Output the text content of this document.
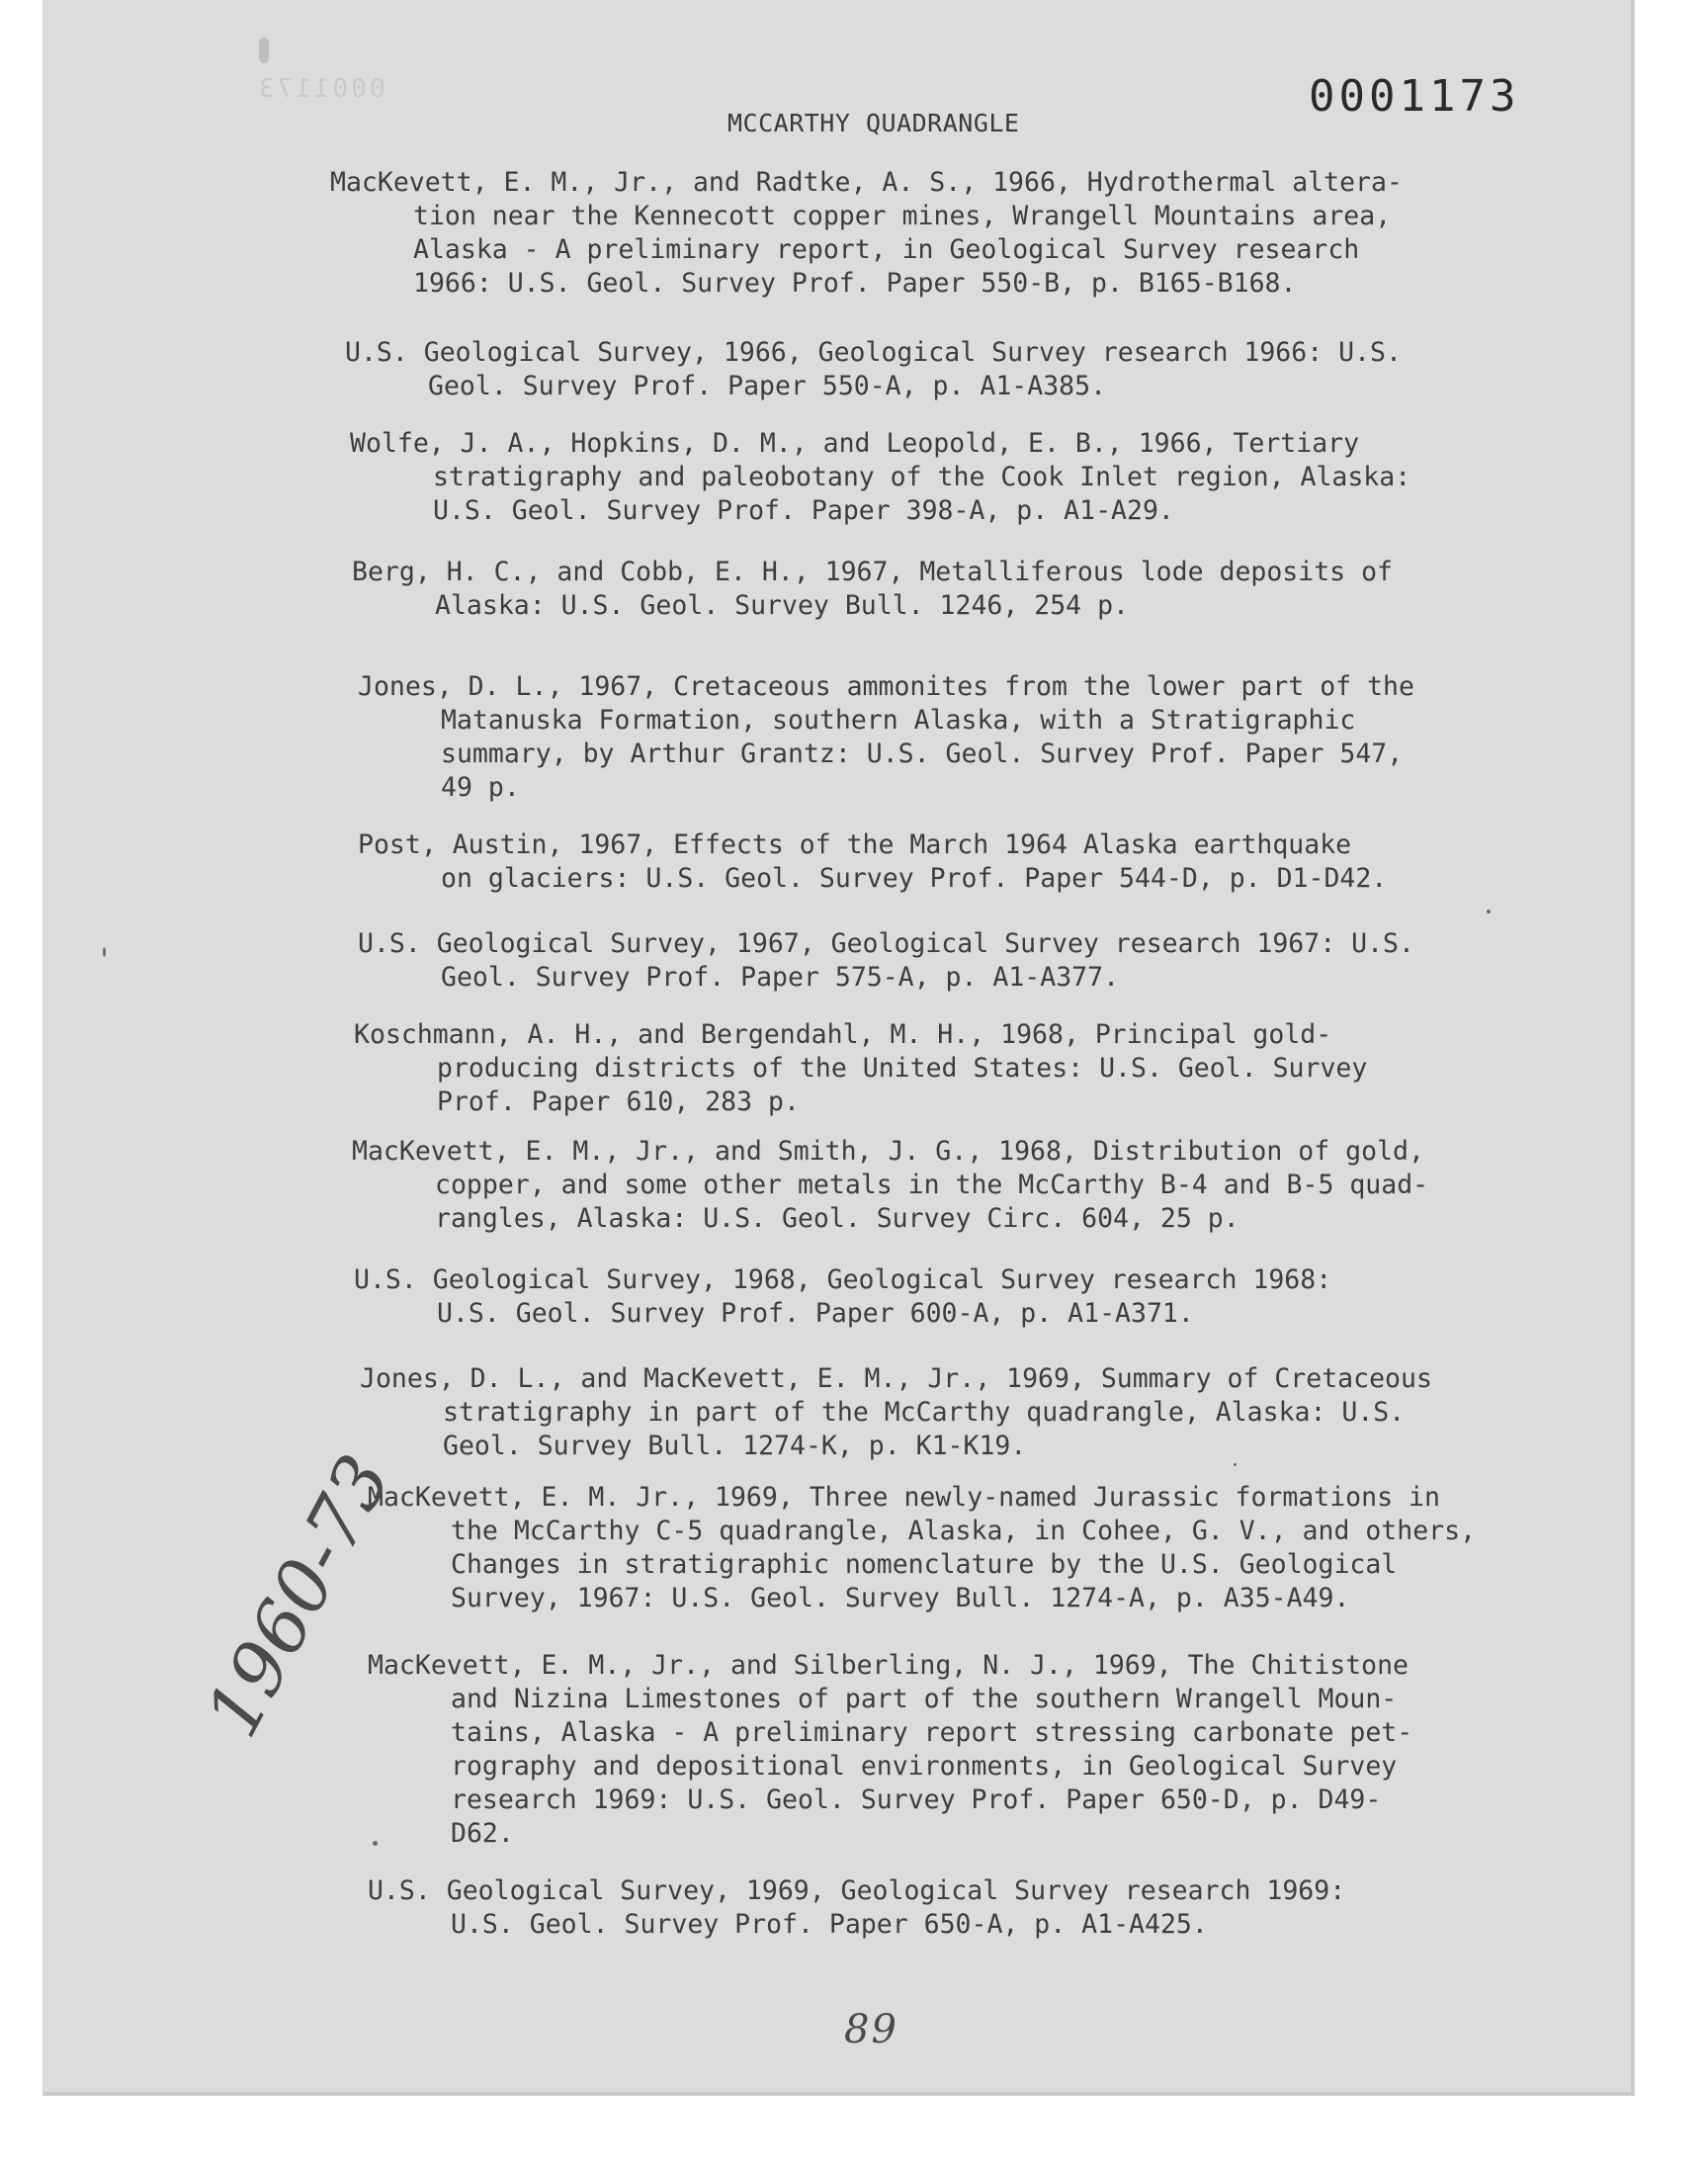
0001173	0001173
MCCARTHY QUADRANGLE
MacKevett, E. M., Jr., and Radtke, A. S., 1966, Hydrothermal altera-
tion near the Kennecott copper mines, Wrangell Mountains area,
Alaska - A preliminary report, in Geological Survey research
1966: U.S. Geol. Survey Prof. Paper 550-B, p. B165-B168.
U.S. Geological Survey, 1966, Geological Survey research 1966: U.S.
Geol. Survey Prof. Paper 550-A, p. A1-A385.
Wolfe, J. A., Hopkins, D. M., and Leopold, E. B., 1966, Tertiary
stratigraphy and paleobotany of the Cook Inlet region, Alaska:
U.S. Geol. Survey Prof. Paper 398-A, p. A1-A29.
Berg, H. C., and Cobb, E. H., 1967, Metalliferous lode deposits of
Alaska: U.S. Geol. Survey Bull. 1246, 254 p.
Jones, D. L., 1967, Cretaceous ammonites from the lower part of the
Matanuska Formation, southern Alaska, with a Stratigraphic
summary, by Arthur Grantz: U.S. Geol. Survey Prof. Paper 547,
49 p.
Post, Austin, 1967, Effects of the March 1964 Alaska earthquake
on glaciers: U.S. Geol. Survey Prof. Paper 544-D, p. D1-D42.
U.S. Geological Survey, 1967, Geological Survey research 1967: U.S.
Geol. Survey Prof. Paper 575-A, p. A1-A377.
Koschmann, A. H., and Bergendahl, M. H., 1968, Principal gold-
producing districts of the United States: U.S. Geol. Survey
Prof. Paper 610, 283 p.
MacKevett, E. M., Jr., and Smith, J. G., 1968, Distribution of gold,
copper, and some other metals in the McCarthy B-4 and B-5 quad-
rangles, Alaska: U.S. Geol. Survey Circ. 604, 25 p.
U.S. Geological Survey, 1968, Geological Survey research 1968:
U.S. Geol. Survey Prof. Paper 600-A, p. A1-A371.
Jones, D. L., and MacKevett, E. M., Jr., 1969, Summary of Cretaceous
stratigraphy in part of the McCarthy quadrangle, Alaska: U.S.
Geol. Survey Bull. 1274-K, p. K1-K19.
MacKevett, E. M. Jr., 1969, Three newly-named Jurassic formations in
the McCarthy C-5 quadrangle, Alaska, in Cohee, G. V., and others,
Changes in stratigraphic nomenclature by the U.S. Geological
Survey, 1967: U.S. Geol. Survey Bull. 1274-A, p. A35-A49.
MacKevett, E. M., Jr., and Silberling, N. J., 1969, The Chitistone
and Nizina Limestones of part of the southern Wrangell Moun-
tains, Alaska - A preliminary report stressing carbonate pet-
rography and depositional environments, in Geological Survey
research 1969: U.S. Geol. Survey Prof. Paper 650-D, p. D49-
D62.
U.S. Geological Survey, 1969, Geological Survey research 1969:
U.S. Geol. Survey Prof. Paper 650-A, p. A1-A425.
1960-73
89
